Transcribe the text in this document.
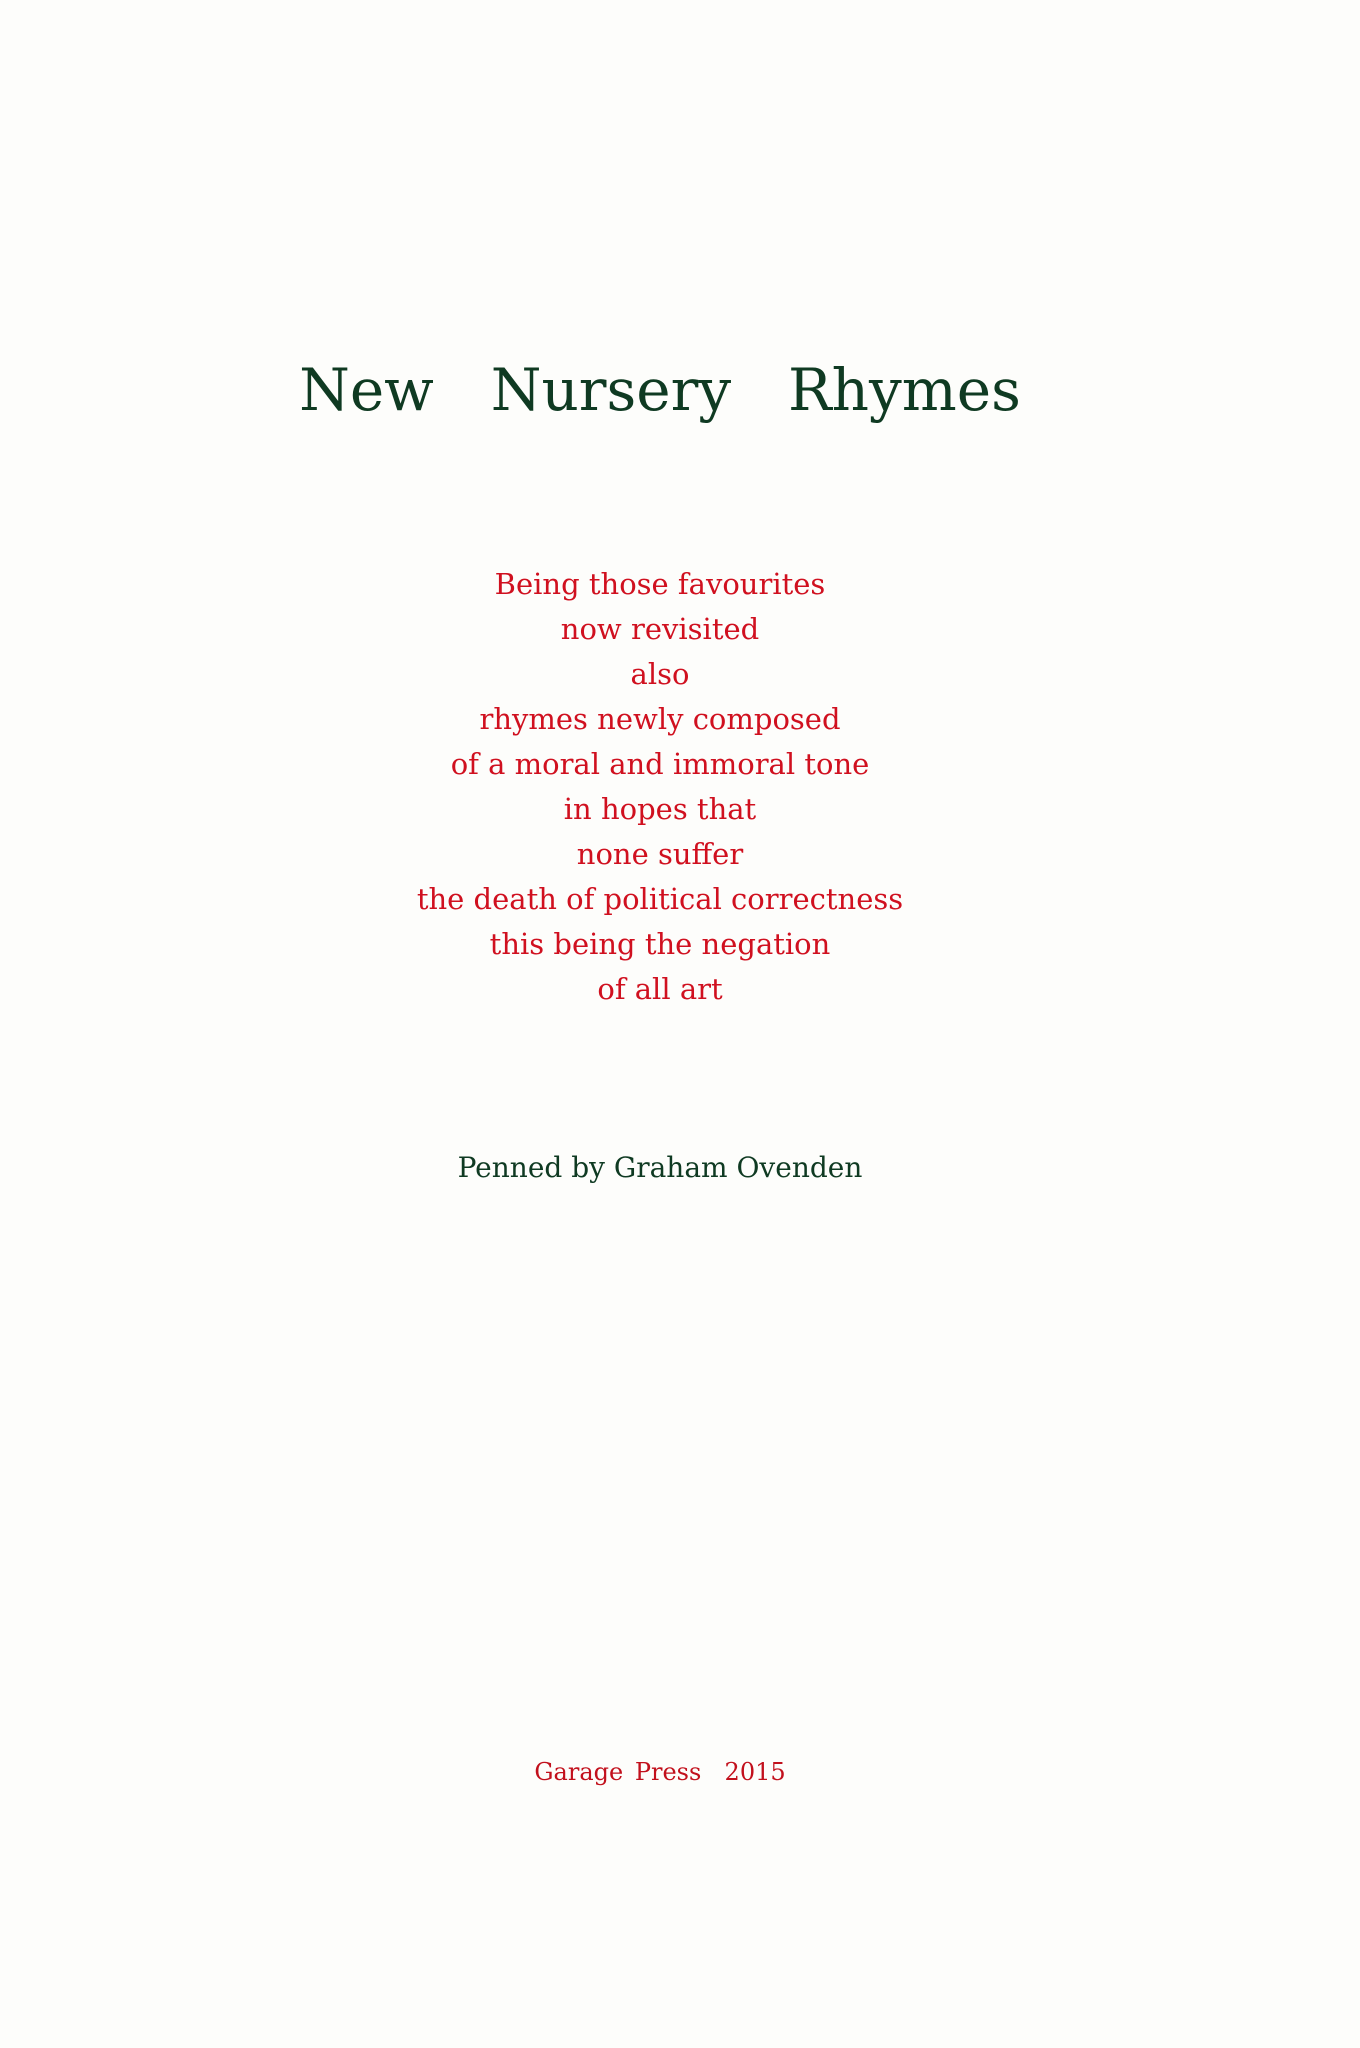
New  Nursery  Rhymes
Being those favourites
now revisited
also
rhymes newly composed
of a moral and immoral tone
in hopes that
none suffer
the death of political correctness
this being the negation
of all art

Penned by Graham Ovenden

Garage Press  2015
